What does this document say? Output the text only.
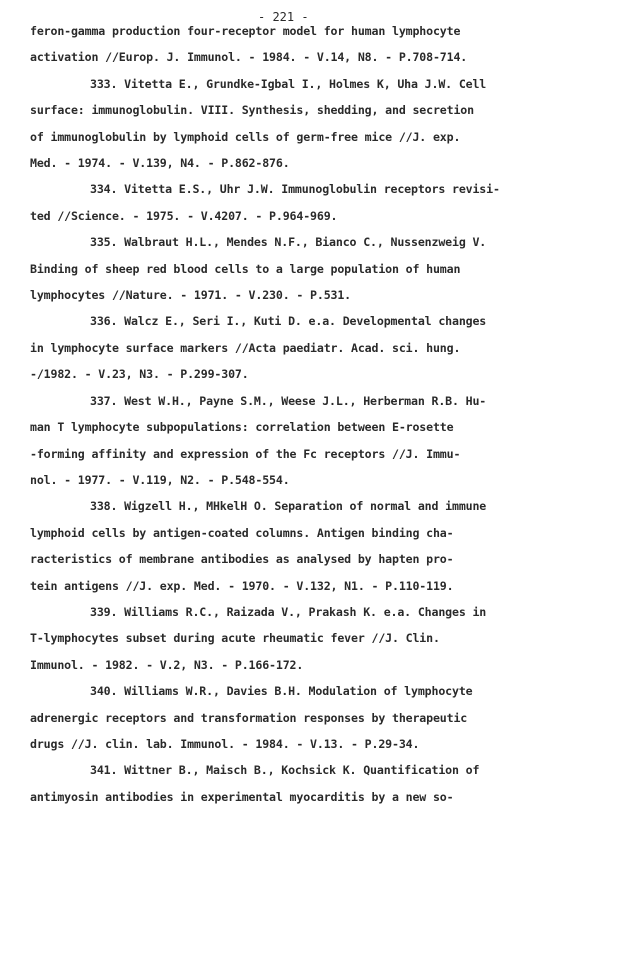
- 221 -
feron-gamma production four-receptor model for human lymphocyte
activation //Europ. J. Immunol. - 1984. - V.14, N8. - P.708-714.
333. Vitetta E., Grundke-Igbal I., Holmes K, Uha J.W. Cell
surface: immunoglobulin. VIII. Synthesis, shedding, and secretion
of immunoglobulin by lymphoid cells of germ-free mice //J. exp.
Med. - 1974. - V.139, N4. - P.862-876.
334. Vitetta E.S., Uhr J.W. Immunoglobulin receptors revisi-
ted //Science. - 1975. - V.4207. - P.964-969.
335. Walbraut H.L., Mendes N.F., Bianco C., Nussenzweig V.
Binding of sheep red blood cells to a large population of human
lymphocytes //Nature. - 1971. - V.230. - P.531.
336. Walcz E., Seri I., Kuti D. e.a. Developmental changes
in lymphocyte surface markers //Acta paediatr. Acad. sci. hung.
-/1982. - V.23, N3. - P.299-307.
337. West W.H., Payne S.M., Weese J.L., Herberman R.B. Hu-
man T lymphocyte subpopulations: correlation between E-rosette
-forming affinity and expression of the Fc receptors //J. Immu-
nol. - 1977. - V.119, N2. - P.548-554.
338. Wigzell H., MHkelH O. Separation of normal and immune
lymphoid cells by antigen-coated columns. Antigen binding cha-
racteristics of membrane antibodies as analysed by hapten pro-
tein antigens //J. exp. Med. - 1970. - V.132, N1. - P.110-119.
339. Williams R.C., Raizada V., Prakash K. e.a. Changes in
T-lymphocytes subset during acute rheumatic fever //J. Clin.
Immunol. - 1982. - V.2, N3. - P.166-172.
340. Williams W.R., Davies B.H. Modulation of lymphocyte
adrenergic receptors and transformation responses by therapeutic
drugs //J. clin. lab. Immunol. - 1984. - V.13. - P.29-34.
341. Wittner B., Maisch B., Kochsick K. Quantification of
antimyosin antibodies in experimental myocarditis by a new so-
